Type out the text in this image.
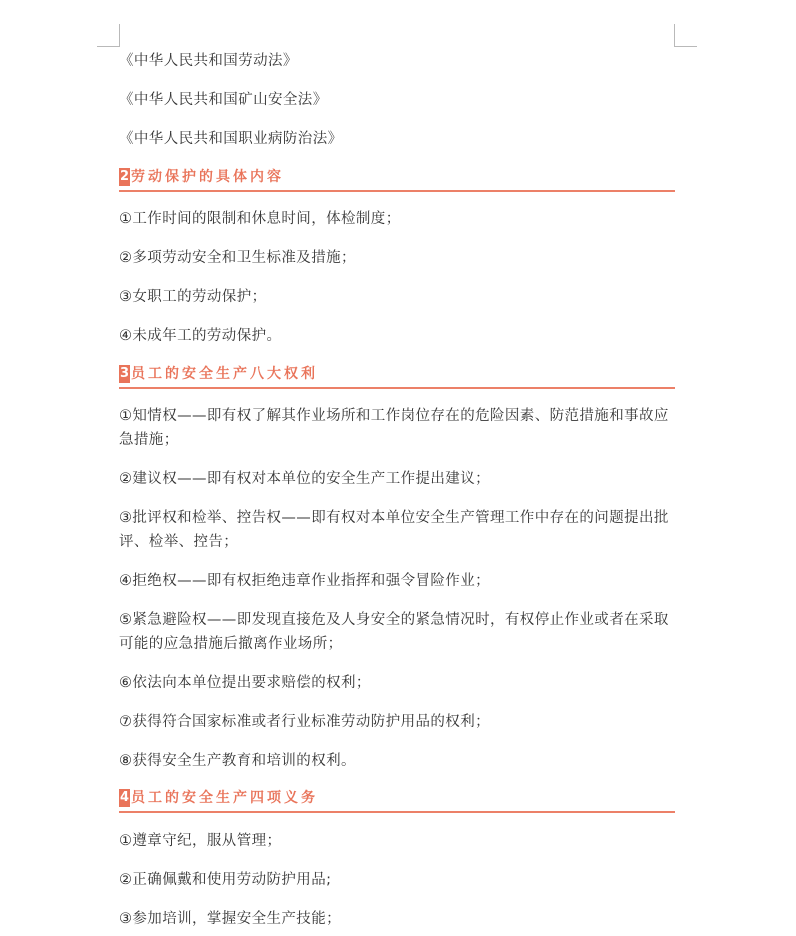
《中华人民共和国劳动法》
《中华人民共和国矿山安全法》
《中华人民共和国职业病防治法》
2 劳动保护的具体内容
①工作时间的限制和休息时间，体检制度；
②多项劳动安全和卫生标准及措施；
③女职工的劳动保护；
④未成年工的劳动保护。
3 员工的安全生产八大权利
①知情权——即有权了解其作业场所和工作岗位存在的危险因素、防范措施和事故应急措施；
②建议权——即有权对本单位的安全生产工作提出建议；
③批评权和检举、控告权——即有权对本单位安全生产管理工作中存在的问题提出批评、检举、控告；
④拒绝权——即有权拒绝违章作业指挥和强令冒险作业；
⑤紧急避险权——即发现直接危及人身安全的紧急情况时，有权停止作业或者在采取可能的应急措施后撤离作业场所；
⑥依法向本单位提出要求赔偿的权利；
⑦获得符合国家标准或者行业标准劳动防护用品的权利；
⑧获得安全生产教育和培训的权利。
4 员工的安全生产四项义务
①遵章守纪，服从管理；
②正确佩戴和使用劳动防护用品;
③参加培训，掌握安全生产技能；
